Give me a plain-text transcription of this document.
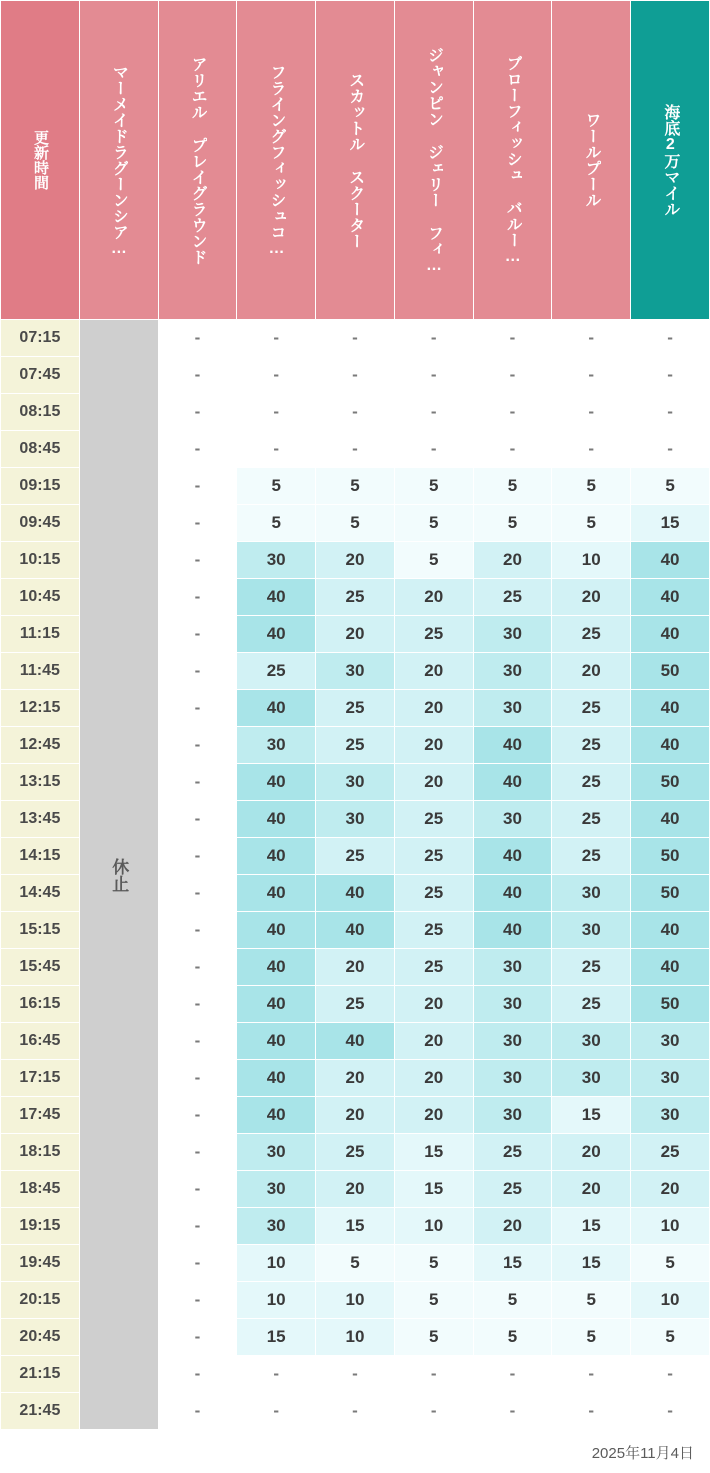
更新時間	マーメイドラグーンシア…	アリエル プレイグラウンド	フライングフィッシュコ…	スカットル スクーター	ジャンピン ジェリー フィ…	ブローフィッシュ バルー…	ワールプール	海底2万マイル

07:15	休止	-	-	-	-	-	-	-
07:45		-	-	-	-	-	-	-
08:15		-	-	-	-	-	-	-
08:45		-	-	-	-	-	-	-
09:15		-	5	5	5	5	5	5
09:45		-	5	5	5	5	5	15
10:15		-	30	20	5	20	10	40
10:45		-	40	25	20	25	20	40
11:15		-	40	20	25	30	25	40
11:45		-	25	30	20	30	20	50
12:15		-	40	25	20	30	25	40
12:45		-	30	25	20	40	25	40
13:15		-	40	30	20	40	25	50
13:45		-	40	30	25	30	25	40
14:15		-	40	25	25	40	25	50
14:45		-	40	40	25	40	30	50
15:15		-	40	40	25	40	30	40
15:45		-	40	20	25	30	25	40
16:15		-	40	25	20	30	25	50
16:45		-	40	40	20	30	30	30
17:15		-	40	20	20	30	30	30
17:45		-	40	20	20	30	15	30
18:15		-	30	25	15	25	20	25
18:45		-	30	20	15	25	20	20
19:15		-	30	15	10	20	15	10
19:45		-	10	5	5	15	15	5
20:15		-	10	10	5	5	5	10
20:45		-	15	10	5	5	5	5
21:15		-	-	-	-	-	-	-
21:45		-	-	-	-	-	-	-
2025年11月4日
